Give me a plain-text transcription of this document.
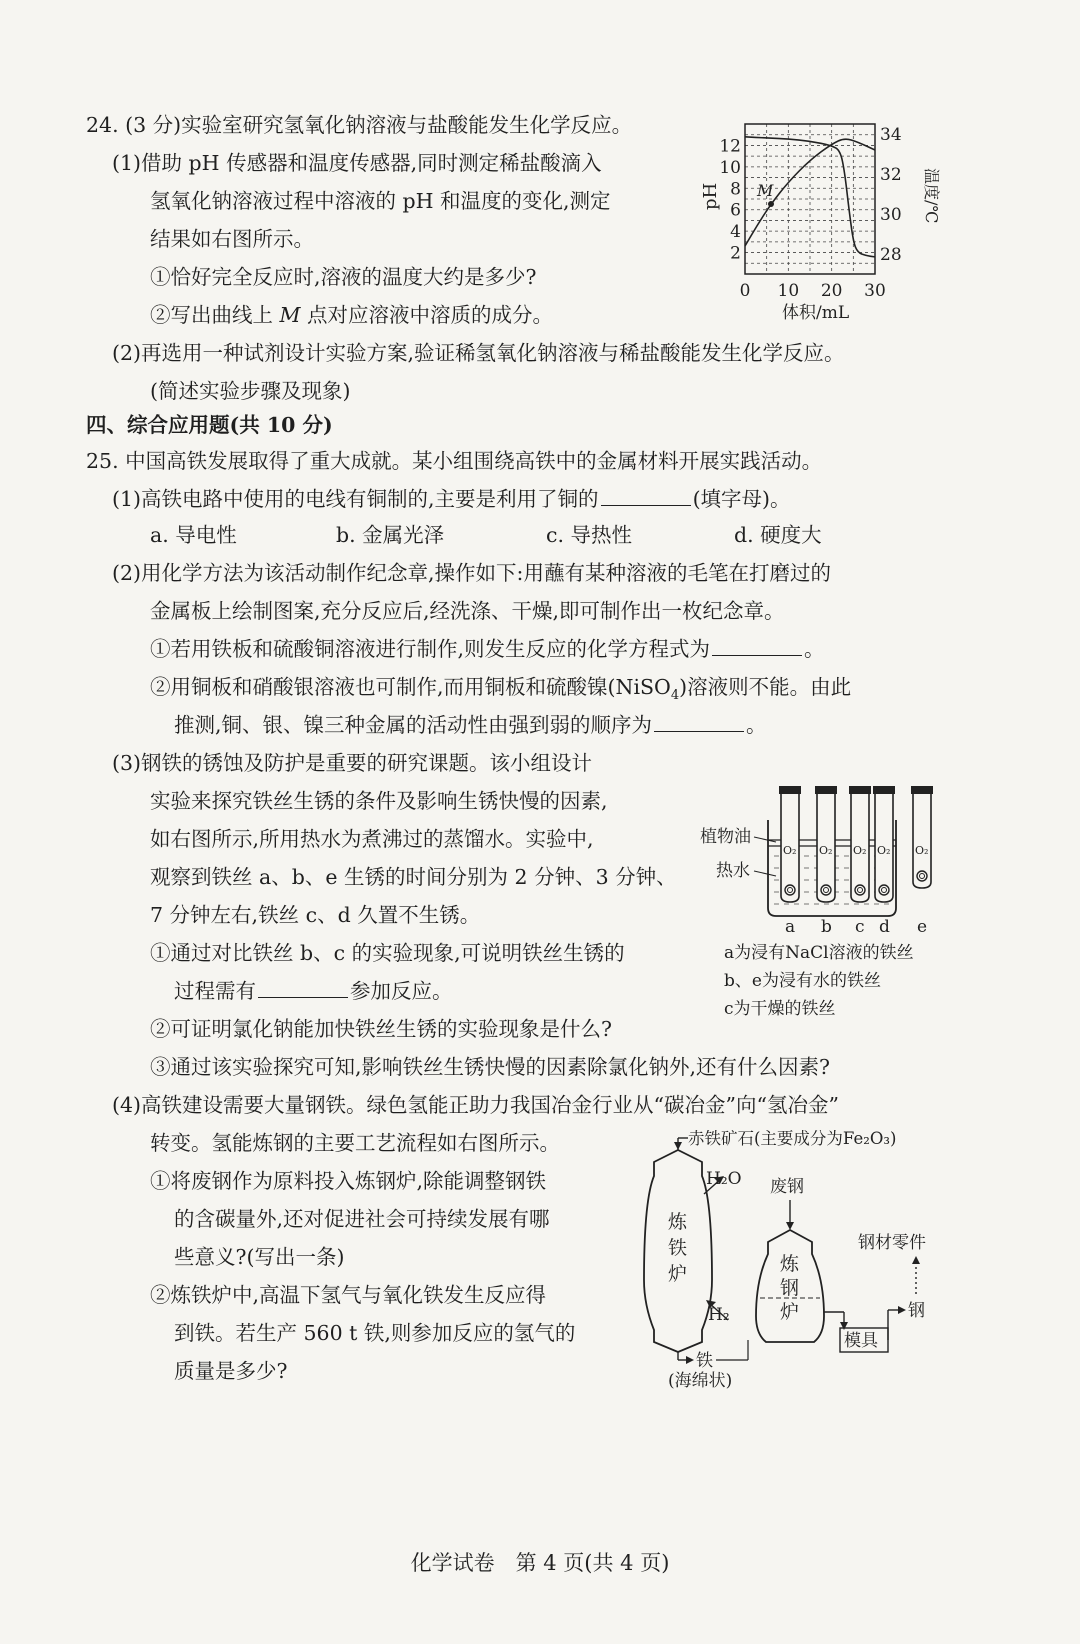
24. (3 分)实验室研究氢氧化钠溶液与盐酸能发生化学反应。
(1)借助 pH 传感器和温度传感器,同时测定稀盐酸滴入
氢氧化钠溶液过程中溶液的 pH 和温度的变化,测定
结果如右图所示。
①恰好完全反应时,溶液的温度大约是多少?
②写出曲线上 M 点对应溶液中溶质的成分。
(2)再选用一种试剂设计实验方案,验证稀氢氧化钠溶液与稀盐酸能发生化学反应。
(简述实验步骤及现象)
2
4
6
8
10
12
28
30
32
34
0 10 20 30
M
pH	温度/℃
体积/mL
四、综合应用题(共 10 分)
25. 中国高铁发展取得了重大成就。某小组围绕高铁中的金属材料开展实践活动。
(1)高铁电路中使用的电线有铜制的,主要是利用了铜的	(填字母)。
a. 导电性	b. 金属光泽	c. 导热性	d. 硬度大
(2)用化学方法为该活动制作纪念章,操作如下:用蘸有某种溶液的毛笔在打磨过的
金属板上绘制图案,充分反应后,经洗涤、干燥,即可制作出一枚纪念章。
①若用铁板和硫酸铜溶液进行制作,则发生反应的化学方程式为	。
②用铜板和硝酸银溶液也可制作,而用铜板和硫酸镍(NiSO$_4$)溶液则不能。由此
推测,铜、银、镍三种金属的活动性由强到弱的顺序为	。
(3)钢铁的锈蚀及防护是重要的研究课题。该小组设计
实验来探究铁丝生锈的条件及影响生锈快慢的因素,
如右图所示,所用热水为煮沸过的蒸馏水。实验中,
观察到铁丝 a、b、e 生锈的时间分别为 2 分钟、3 分钟、
7 分钟左右,铁丝 c、d 久置不生锈。
①通过对比铁丝 b、c 的实验现象,可说明铁丝生锈的
过程需有	参加反应。
②可证明氯化钠能加快铁丝生锈的实验现象是什么?
③通过该实验探究可知,影响铁丝生锈快慢的因素除氯化钠外,还有什么因素?
O₂
a
O₂
b
O₂
c
O₂
d
O₂
e
植物油
热水
a为浸有NaCl溶液的铁丝
b、e为浸有水的铁丝
c为干燥的铁丝
(4)高铁建设需要大量钢铁。绿色氢能正助力我国冶金行业从“碳冶金”向“氢冶金”
转变。氢能炼钢的主要工艺流程如右图所示。
①将废钢作为原料投入炼钢炉,除能调整钢铁
的含碳量外,还对促进社会可持续发展有哪
些意义?(写出一条)
②炼铁炉中,高温下氢气与氧化铁发生反应得
到铁。若生产 560 t 铁,则参加反应的氢气的
质量是多少?
炼
铁
炉
赤铁矿石(主要成分为Fe₂O₃)
H₂O
H₂
铁
(海绵状)
炼
钢
炉
废钢
模具
钢
钢材零件
化学试卷　第 4 页(共 4 页)
